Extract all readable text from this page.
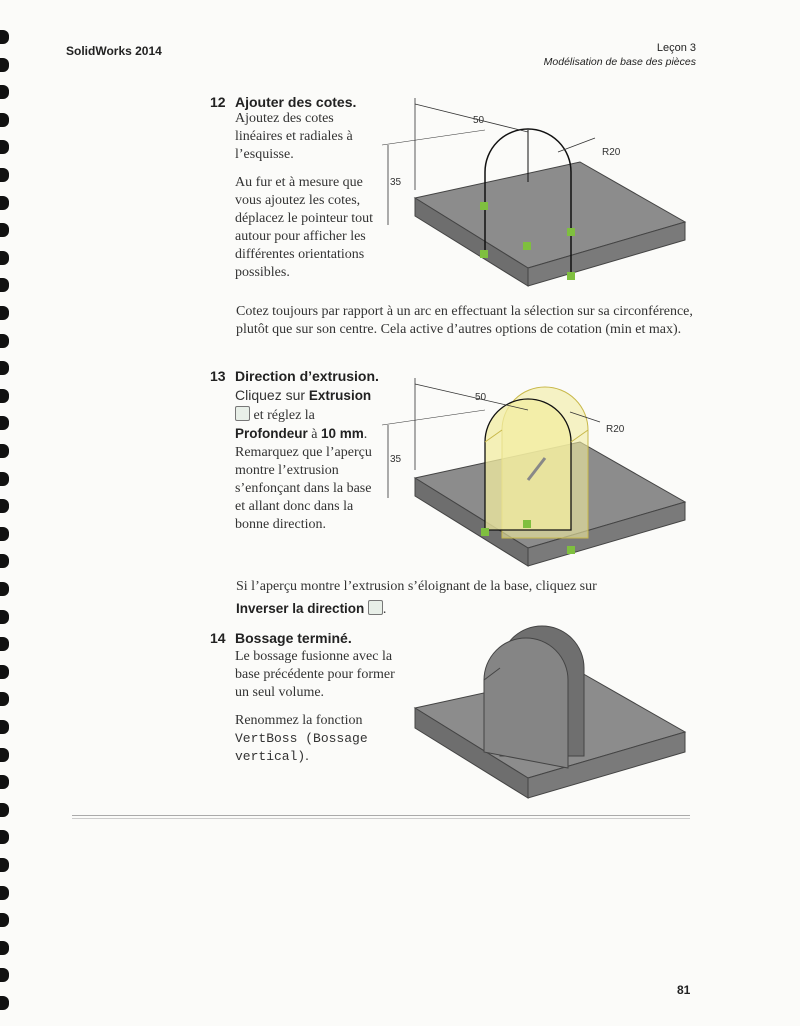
SolidWorks 2014	Leçon 3
Modélisation de base des pièces
12 Ajouter des cotes.

Ajoutez des cotes linéaires et radiales à l’esquisse.

Au fur et à mesure que vous ajoutez les cotes, déplacez le pointeur tout autour pour afficher les différentes orientations possibles.

50
35
R20

Cotez toujours par rapport à un arc en effectuant la sélection sur sa circonférence, plutôt que sur son centre. Cela active d’autres options de cotation (min et max).

13 Direction d’extrusion.

Cliquez sur Extrusion

et réglez la

Profondeur à 10 mm.

Remarquez que l’aperçu montre l’extrusion s’enfonçant dans la base et allant donc dans la bonne direction.

50
35
R20

Si l’aperçu montre l’extrusion s’éloignant de la base, cliquez sur

Inverser la direction .

14 Bossage terminé.

Le bossage fusionne avec la base précédente pour former un seul volume.

Renommez la fonction VertBoss (Bossage vertical).

81
